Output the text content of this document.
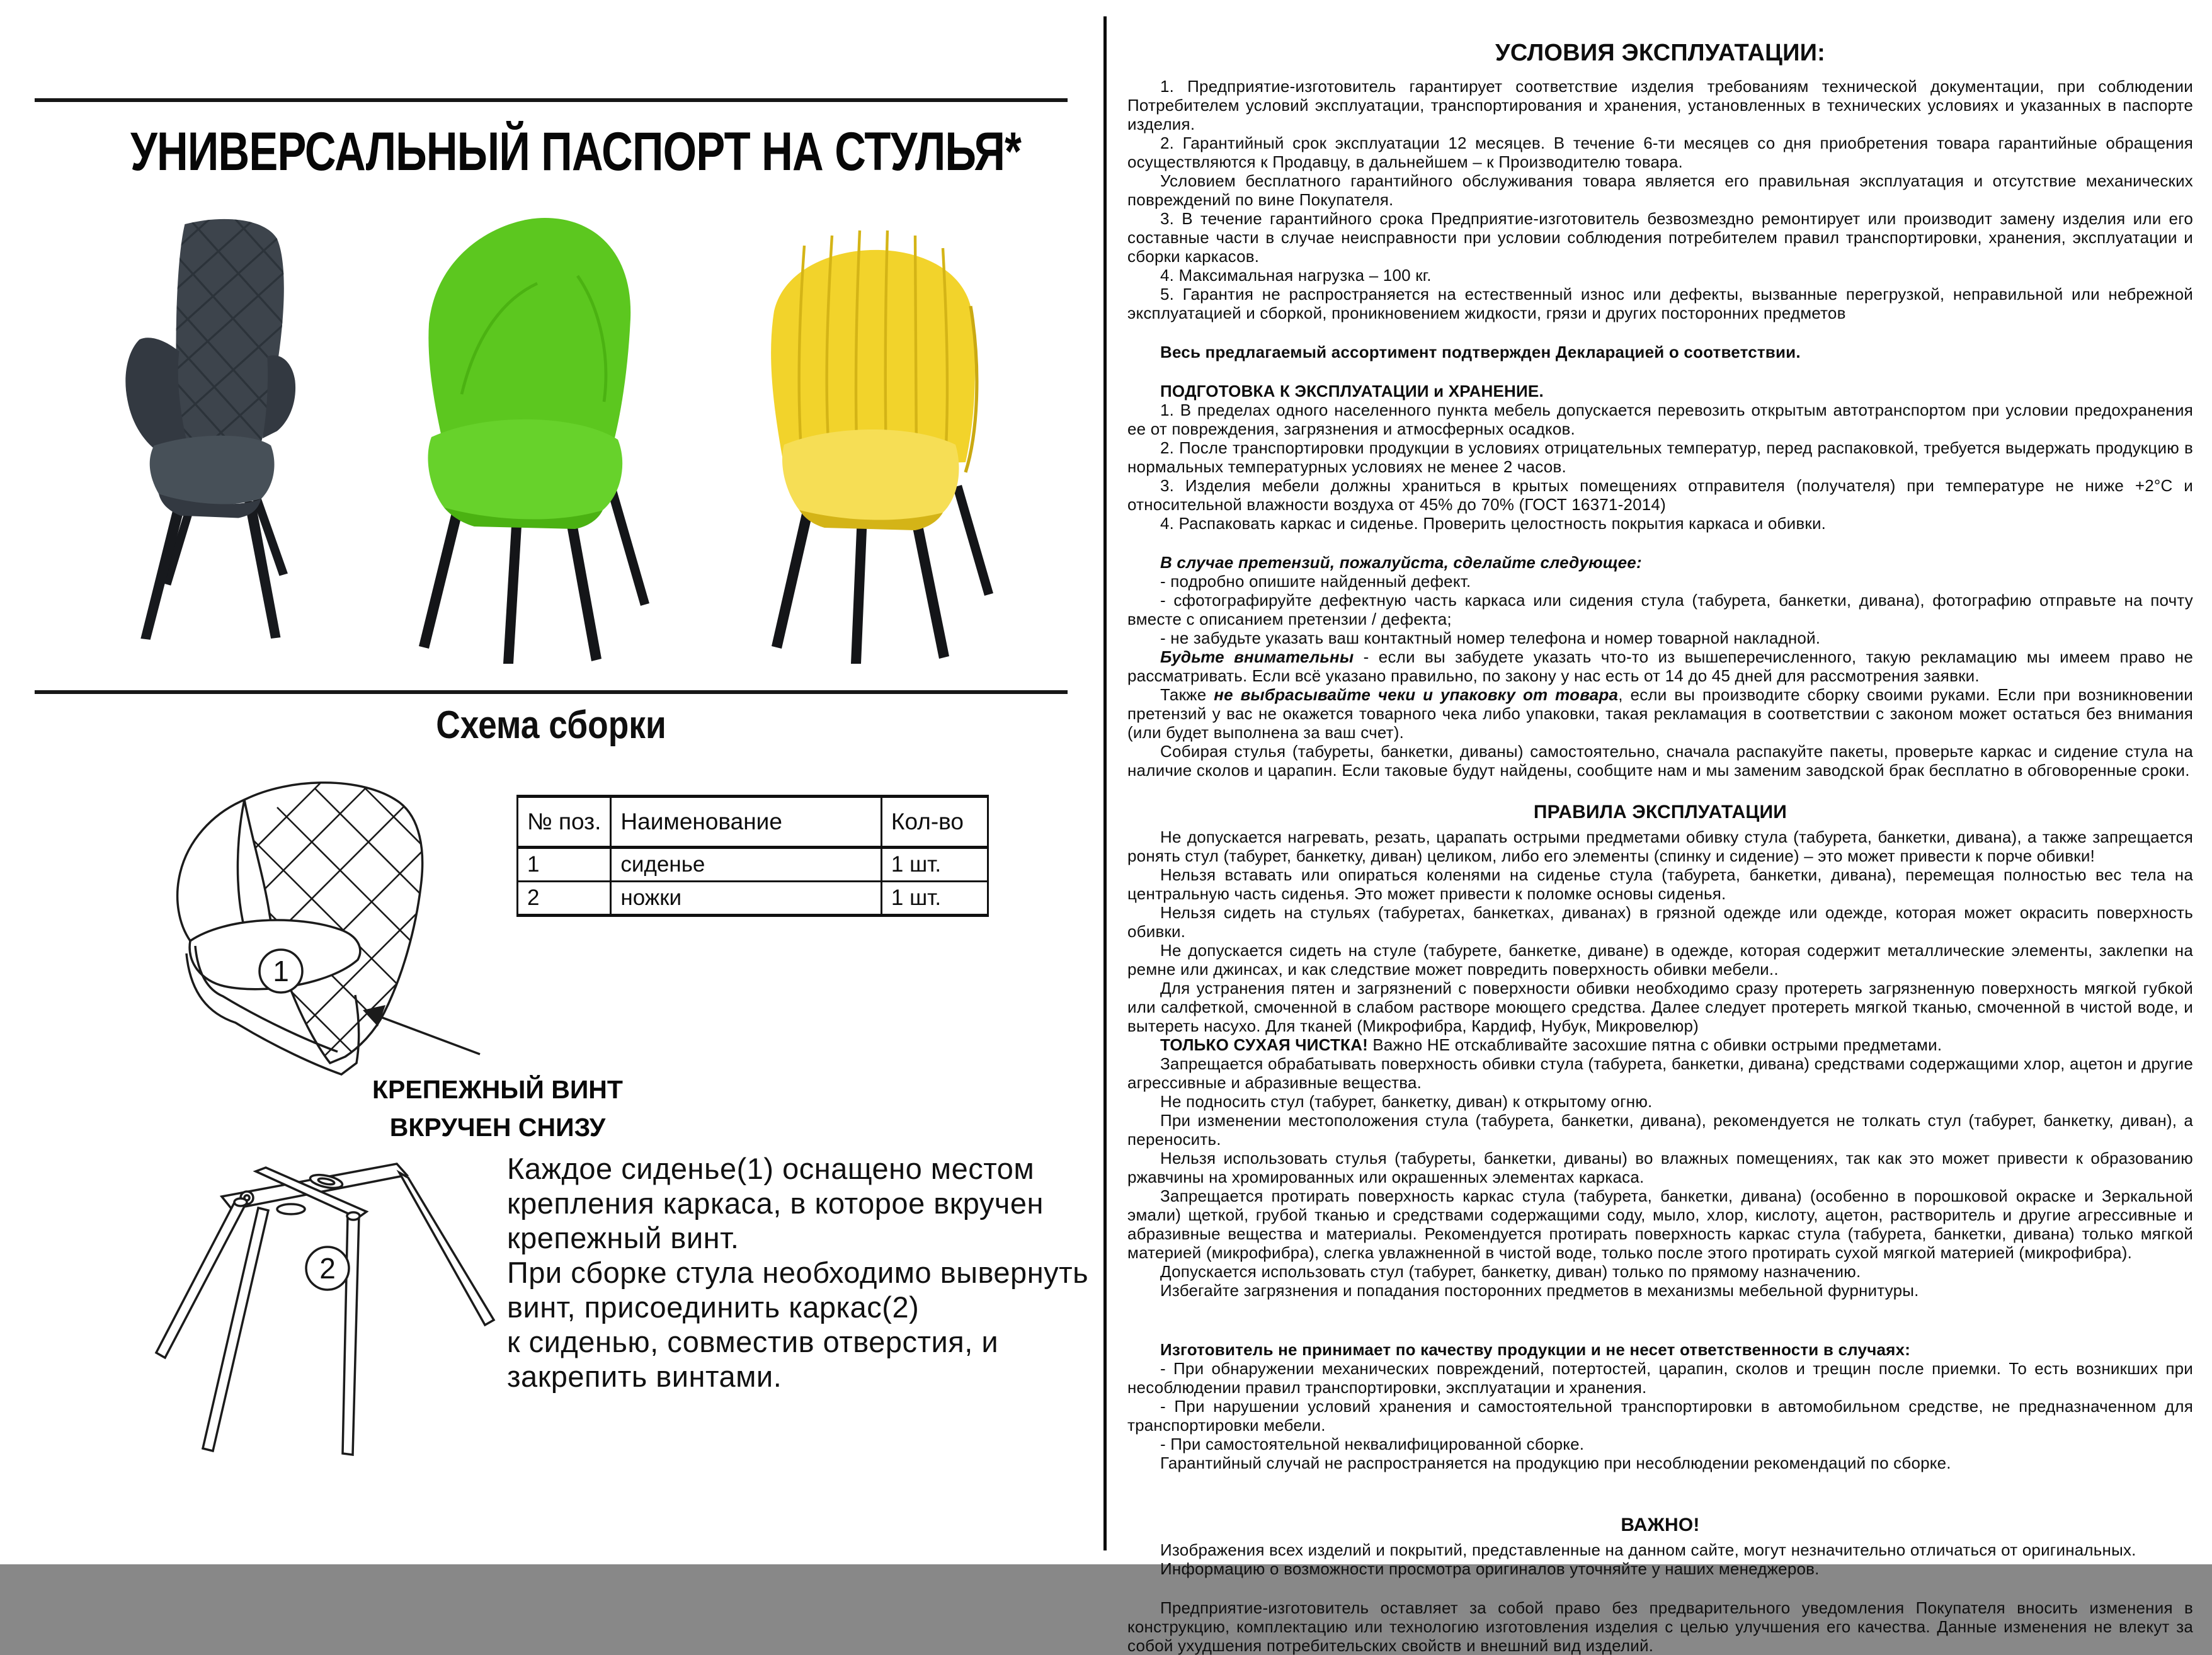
УНИВЕРСАЛЬНЫЙ ПАСПОРТ НА СТУЛЬЯ*
Схема сборки
1
2
№ поз.	Наименование	Кол-во
1	сиденье	1 шт.
2	ножки	1 шт.
КРЕПЕЖНЫЙ ВИНТ
ВКРУЧЕН СНИЗУ
Каждое сиденье(1) оснащено местом
крепления каркаса, в которое вкручен
крепежный винт.
При сборке стула необходимо вывернуть
винт, присоединить каркас(2)
к сиденью, совместив отверстия, и
закрепить винтами.
УСЛОВИЯ ЭКСПЛУАТАЦИИ:
1. Предприятие-изготовитель гарантирует соответствие изделия требованиям технической документации, при соблюдении Потребителем условий эксплуатации, транспортирования и хранения, установленных в технических условиях и указанных в паспорте изделия.
2. Гарантийный срок эксплуатации 12 месяцев. В течение 6-ти месяцев со дня приобретения товара гарантийные обращения осуществляются к Продавцу, в дальнейшем – к Производителю товара.
Условием бесплатного гарантийного обслуживания товара является его правильная эксплуатация и отсутствие механических повреждений по вине Покупателя.
3. В течение гарантийного срока Предприятие-изготовитель безвозмездно ремонтирует или производит замену изделия или его составные части в случае неисправности при условии соблюдения потребителем правил транспортировки, хранения, эксплуатации и сборки каркасов.
4. Максимальная нагрузка – 100 кг.
5. Гарантия не распространяется на естественный износ или дефекты, вызванные перегрузкой, неправильной или небрежной эксплуатацией и сборкой, проникновением жидкости, грязи и других посторонних предметов
Весь предлагаемый ассортимент подтвержден Декларацией о соответствии.
ПОДГОТОВКА К ЭКСПЛУАТАЦИИ и ХРАНЕНИЕ.
1. В пределах одного населенного пункта мебель допускается перевозить открытым автотранспортом при условии предохранения ее от повреждения, загрязнения и атмосферных осадков.
2. После транспортировки продукции в условиях отрицательных температур, перед распаковкой, требуется выдержать продукцию в нормальных температурных условиях не менее 2 часов.
3. Изделия мебели должны храниться в крытых помещениях отправителя (получателя) при температуре не ниже +2°С и относительной влажности воздуха от 45% до 70% (ГОСТ 16371-2014)
4. Распаковать каркас и сиденье. Проверить целостность покрытия каркаса и обивки.
В случае претензий, пожалуйста, сделайте следующее:
- подробно опишите найденный дефект.
- сфотографируйте дефектную часть каркаса или сидения стула (табурета, банкетки, дивана), фотографию отправьте на почту вместе с описанием претензии / дефекта;
- не забудьте указать ваш контактный номер телефона и номер товарной накладной.
Будьте внимательны - если вы забудете указать что-то из вышеперечисленного, такую рекламацию мы имеем право не рассматривать. Если всё указано правильно, по закону у нас есть от 14 до 45 дней для рассмотрения заявки.
Также не выбрасывайте чеки и упаковку от товара, если вы производите сборку своими руками. Если при возникновении претензий у вас не окажется товарного чека либо упаковки, такая рекламация в соответствии с законом может остаться без внимания (или будет выполнена за ваш счет).
Собирая стулья (табуреты, банкетки, диваны) самостоятельно, сначала распакуйте пакеты, проверьте каркас и сидение стула на наличие сколов и царапин. Если таковые будут найдены, сообщите нам и мы заменим заводской брак бесплатно в обговоренные сроки.
ПРАВИЛА ЭКСПЛУАТАЦИИ
Не допускается нагревать, резать, царапать острыми предметами обивку стула (табурета, банкетки, дивана), а также запрещается ронять стул (табурет, банкетку, диван) целиком, либо его элементы (спинку и сидение) – это может привести к порче обивки!
Нельзя вставать или опираться коленями на сиденье стула (табурета, банкетки, дивана), перемещая полностью вес тела на центральную часть сиденья. Это может привести к поломке основы сиденья.
Нельзя сидеть на стульях (табуретах, банкетках, диванах) в грязной одежде или одежде, которая может окрасить поверхность обивки.
Не допускается сидеть на стуле (табурете, банкетке, диване) в одежде, которая содержит металлические элементы, заклепки на ремне или джинсах, и как следствие может повредить поверхность обивки мебели..
Для устранения пятен и загрязнений с поверхности обивки необходимо сразу протереть загрязненную поверхность мягкой губкой или салфеткой, смоченной в слабом растворе моющего средства. Далее следует протереть мягкой тканью, смоченной в чистой воде, и вытереть насухо. Для тканей (Микрофибра, Кардиф, Нубук, Микровелюр)
ТОЛЬКО СУХАЯ ЧИСТКА! Важно НЕ отскабливайте засохшие пятна с обивки острыми предметами.
Запрещается обрабатывать поверхность обивки стула (табурета, банкетки, дивана) средствами содержащими хлор, ацетон и другие агрессивные и абразивные вещества.
Не подносить стул (табурет, банкетку, диван) к открытому огню.
При изменении местоположения стула (табурета, банкетки, дивана), рекомендуется не толкать стул (табурет, банкетку, диван), а переносить.
Нельзя использовать стулья (табуреты, банкетки, диваны) во влажных помещениях, так как это может привести к образованию ржавчины на хромированных или окрашенных элементах каркаса.
Запрещается протирать поверхность каркас стула (табурета, банкетки, дивана) (особенно в порошковой окраске и Зеркальной эмали) щеткой, грубой тканью и средствами содержащими соду, мыло, хлор, кислоту, ацетон, растворитель и другие агрессивные и абразивные вещества и материалы. Рекомендуется протирать поверхность каркас стула (табурета, банкетки, дивана) только мягкой материей (микрофибра), слегка увлажненной в чистой воде, только после этого протирать сухой мягкой материей (микрофибра).
Допускается использовать стул (табурет, банкетку, диван) только по прямому назначению.
Избегайте загрязнения и попадания посторонних предметов в механизмы мебельной фурнитуры.
Изготовитель не принимает по качеству продукции и не несет ответственности в случаях:
- При обнаружении механических повреждений, потертостей, царапин, сколов и трещин после приемки. То есть возникших при несоблюдении правил транспортировки, эксплуатации и хранения.
- При нарушении условий хранения и самостоятельной транспортировки в автомобильном средстве, не предназначенном для транспортировки мебели.
- При самостоятельной неквалифицированной сборке.
Гарантийный случай не распространяется на продукцию при несоблюдении рекомендаций по сборке.
ВАЖНО!
Изображения всех изделий и покрытий, представленные на данном сайте, могут незначительно отличаться от оригинальных.
Информацию о возможности просмотра оригиналов уточняйте у наших менеджеров.
Предприятие-изготовитель оставляет за собой право без предварительного уведомления Покупателя вносить изменения в конструкцию, комплектацию или технологию изготовления изделия с целью улучшения его качества. Данные изменения не влекут за собой ухудшения потребительских свойств и внешний вид изделий.
